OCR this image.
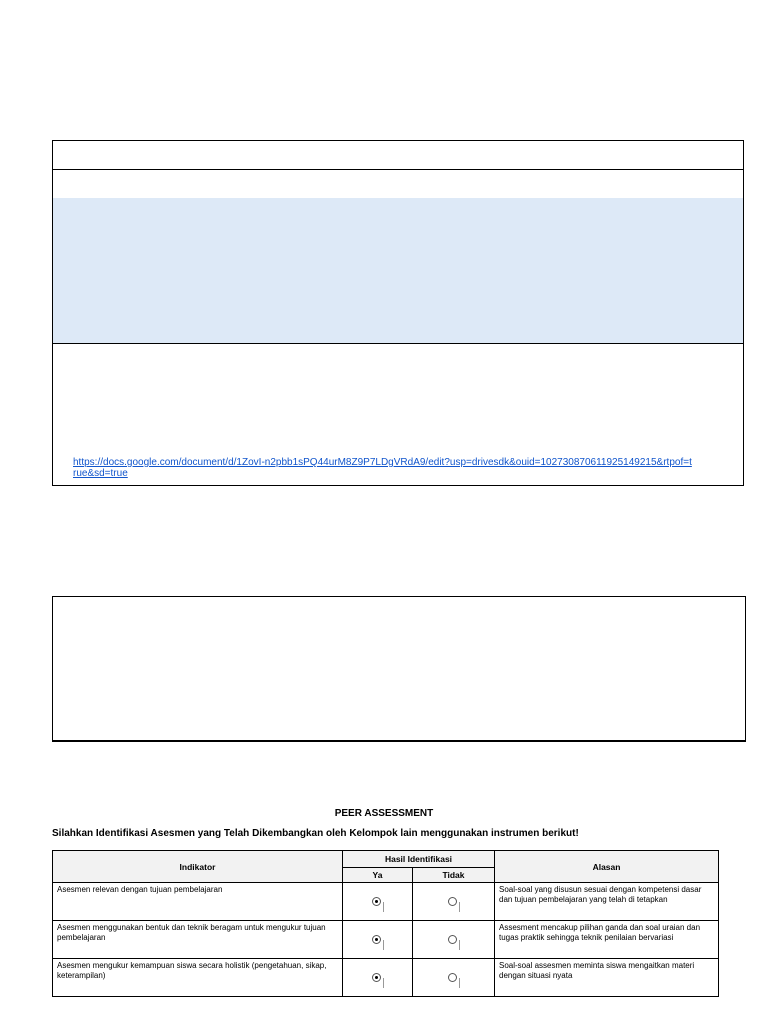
https://docs.google.com/document/d/1ZovI-n2pbb1sPQ44urM8Z9P7LDgVRdA9/edit?usp=drivesdk&ouid=102730870611925149215&rtpof=true&sd=true
PEER ASSESSMENT
Silahkan Identifikasi Asesmen yang Telah Dikembangkan oleh Kelompok lain menggunakan instrumen berikut!
Indikator	Hasil Identifikasi		Alasan
	Ya	Tidak	
Asesmen relevan dengan tujuan pembelajaran			Soal-soal yang disusun sesuai dengan kompetensi dasar dan tujuan pembelajaran yang telah di tetapkan
Asesmen menggunakan bentuk dan teknik beragam untuk mengukur tujuan pembelajaran			Assesment mencakup pilihan ganda dan soal uraian dan tugas praktik sehingga teknik penilaian bervariasi
Asesmen mengukur kemampuan siswa secara holistik (pengetahuan, sikap, keterampilan)			Soal-soal assesmen meminta siswa mengaitkan materi dengan situasi nyata
